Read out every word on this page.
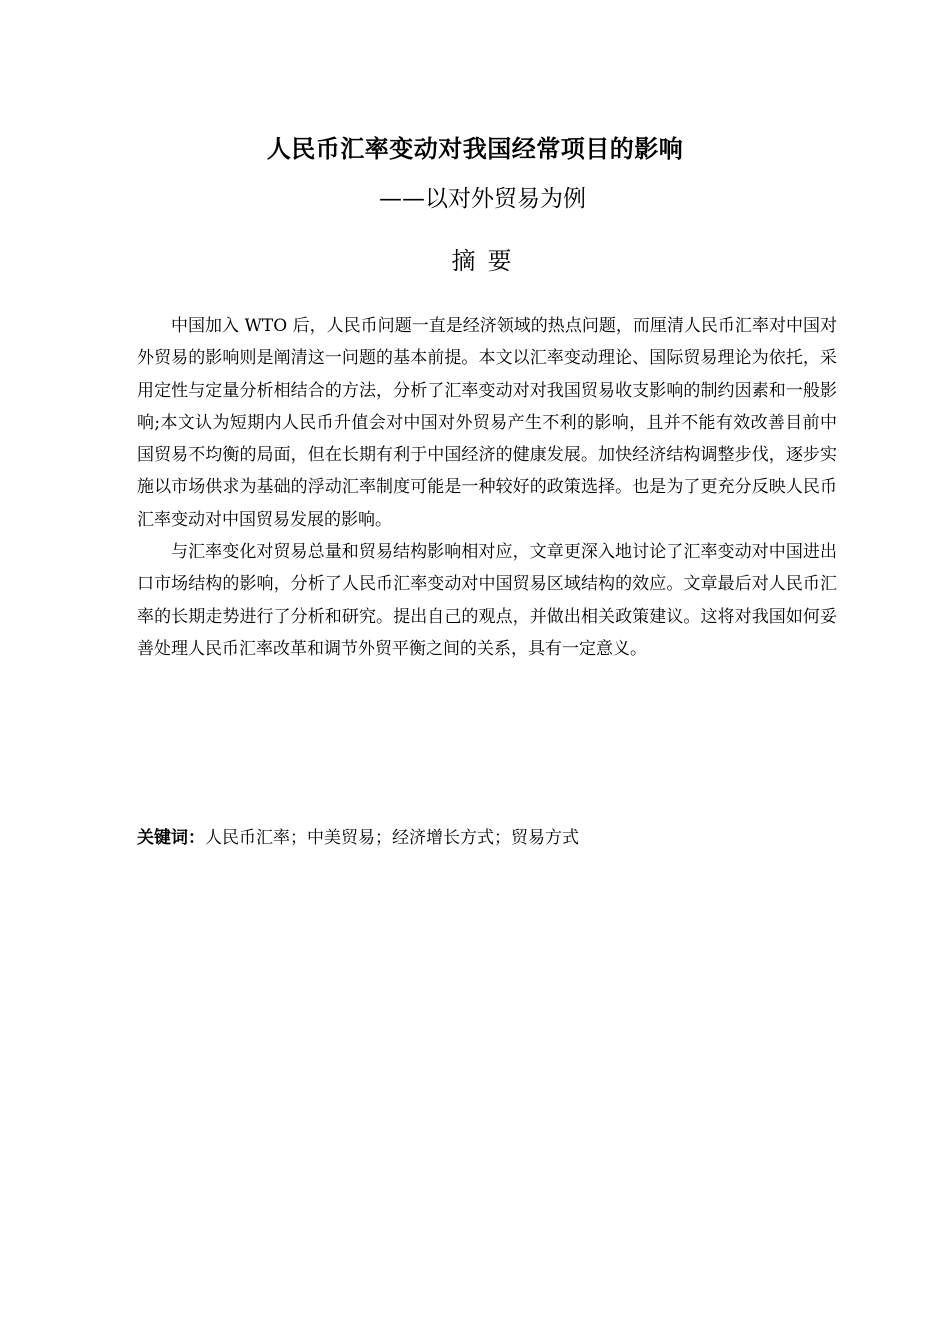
人民币汇率变动对我国经常项目的影响
——以对外贸易为例
摘要

中国加入 WTO 后，人民币问题一直是经济领域的热点问题，而厘清人民币汇率对中国对外贸易的影响则是阐清这一问题的基本前提。本文以汇率变动理论、国际贸易理论为依托，采用定性与定量分析相结合的方法，分析了汇率变动对对我国贸易收支影响的制约因素和一般影响;本文认为短期内人民币升值会对中国对外贸易产生不利的影响，且并不能有效改善目前中国贸易不均衡的局面，但在长期有利于中国经济的健康发展。加快经济结构调整步伐，逐步实施以市场供求为基础的浮动汇率制度可能是一种较好的政策选择。也是为了更充分反映人民币汇率变动对中国贸易发展的影响。

与汇率变化对贸易总量和贸易结构影响相对应，文章更深入地讨论了汇率变动对中国进出口市场结构的影响，分析了人民币汇率变动对中国贸易区域结构的效应。文章最后对人民币汇率的长期走势进行了分析和研究。提出自己的观点，并做出相关政策建议。这将对我国如何妥善处理人民币汇率改革和调节外贸平衡之间的关系，具有一定意义。

关键词：人民币汇率；中美贸易；经济增长方式；贸易方式
